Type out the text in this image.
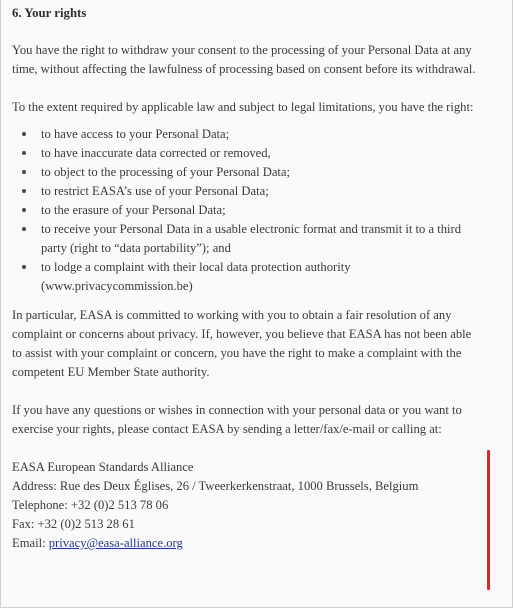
6. Your rights

You have the right to withdraw your consent to the processing of your Personal Data at any time, without affecting the lawfulness of processing based on consent before its withdrawal.

To the extent required by applicable law and subject to legal limitations, you have the right:

to have access to your Personal Data;
to have inaccurate data corrected or removed,
to object to the processing of your Personal Data;
to restrict EASA’s use of your Personal Data;
to the erasure of your Personal Data;
to receive your Personal Data in a usable electronic format and transmit it to a third party (right to “data portability”); and
to lodge a complaint with their local data protection authority (www.privacycommission.be)

In particular, EASA is committed to working with you to obtain a fair resolution of any complaint or concerns about privacy. If, however, you believe that EASA has not been able to assist with your complaint or concern, you have the right to make a complaint with the competent EU Member State authority.

If you have any questions or wishes in connection with your personal data or you want to exercise your rights, please contact EASA by sending a letter/fax/e-mail or calling at:

EASA European Standards Alliance
Address: Rue des Deux Églises, 26 / Tweerkerkenstraat, 1000 Brussels, Belgium
Telephone: +32 (0)2 513 78 06
Fax: +32 (0)2 513 28 61
Email: privacy@easa-alliance.org
